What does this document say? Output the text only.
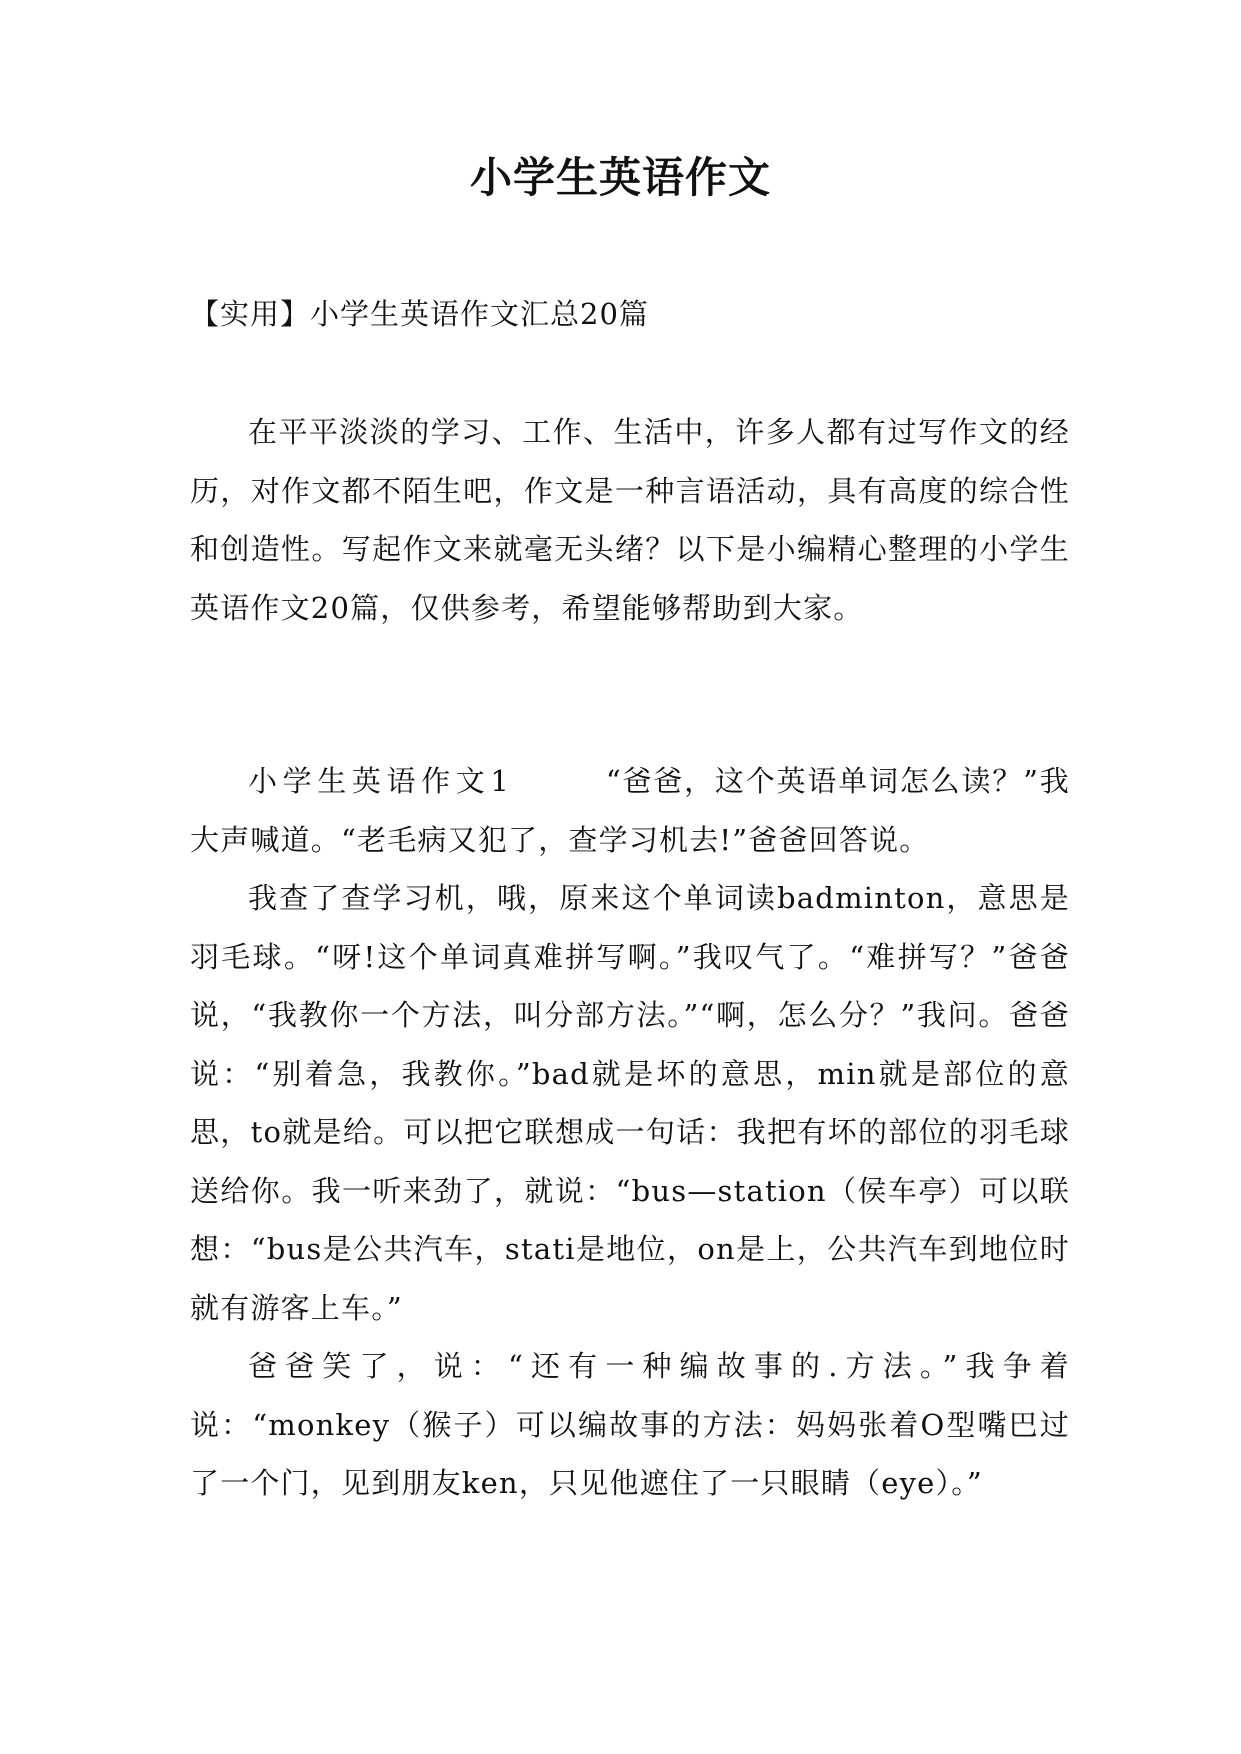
小学生英语作文
【实用】小学生英语作文汇总20篇

在平平淡淡的学习、工作、生活中，许多人都有过写作文的经历，对作文都不陌生吧，作文是一种言语活动，具有高度的综合性和创造性。写起作文来就毫无头绪？以下是小编精心整理的小学生英语作文20篇，仅供参考，希望能够帮助到大家。

小学生英语作文1	“爸爸，这个英语单词怎么读？”我大声喊道。“老毛病又犯了，查学习机去!”爸爸回答说。

我查了查学习机，哦，原来这个单词读badminton，意思是羽毛球。“呀!这个单词真难拼写啊。”我叹气了。“难拼写？”爸爸说，“我教你一个方法，叫分部方法。”“啊，怎么分？”我问。爸爸说：“别着急，我教你。”bad就是坏的意思，min就是部位的意思，to就是给。可以把它联想成一句话：我把有坏的部位的羽毛球送给你。我一听来劲了，就说：“bus—station（侯车亭）可以联想：“bus是公共汽车，stati是地位，on是上，公共汽车到地位时就有游客上车。”

爸爸笑了，说：“还有一种编故事的.方法。”我争着说：“monkey（猴子）可以编故事的方法：妈妈张着O型嘴巴过了一个门，见到朋友ken，只见他遮住了一只眼睛（eye）。”
